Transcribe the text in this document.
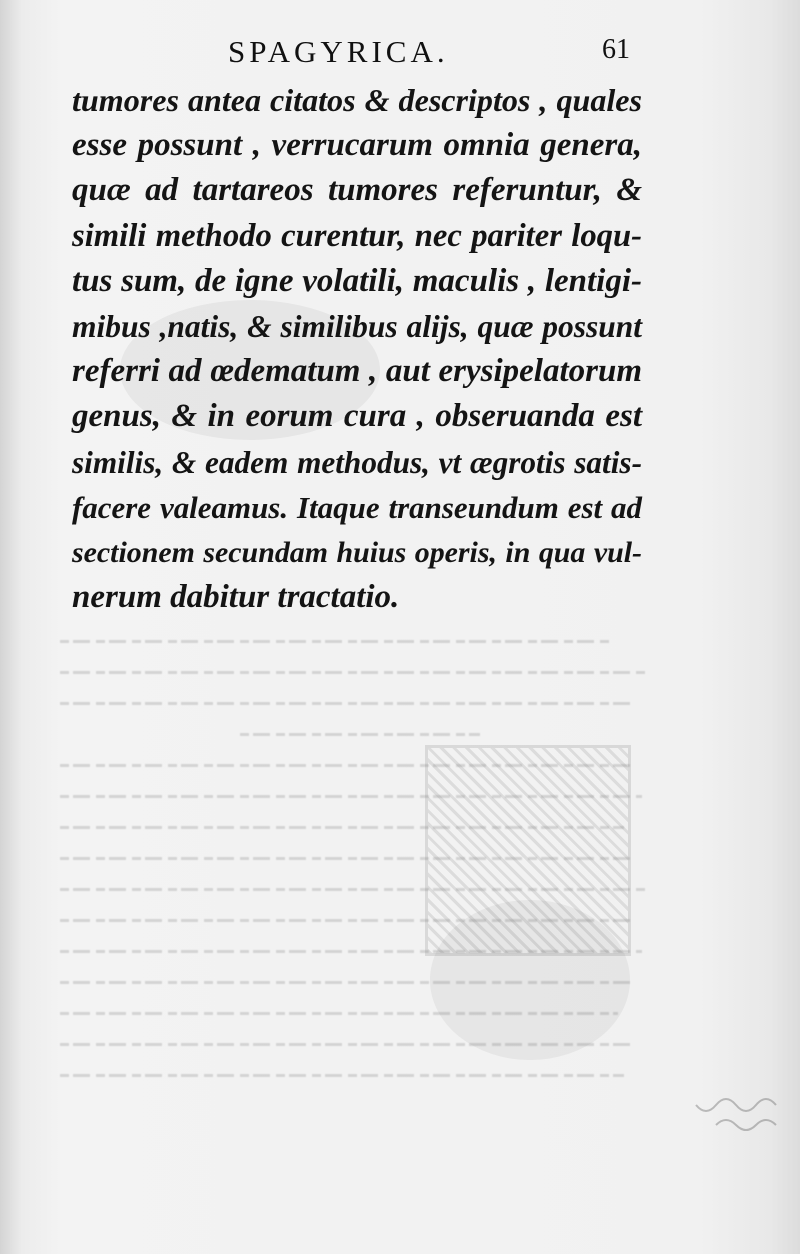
SPAGYRICA.	61
tumores antea citatos & descriptos , quales
esse possunt , verrucarum omnia genera,
quæ ad tartareos tumores referuntur, &
simili methodo curentur, nec pariter loqu-
tus sum, de igne volatili, maculis , lentigi-
mibus ,natis, & similibus alijs, quæ possunt
referri ad œdematum , aut erysipelatorum
genus, & in eorum cura , obseruanda est
similis, & eadem methodus, vt ægrotis satis-
facere valeamus. Itaque transeundum est ad
sectionem secundam huius operis, in qua vul-
nerum dabitur tractatio.
